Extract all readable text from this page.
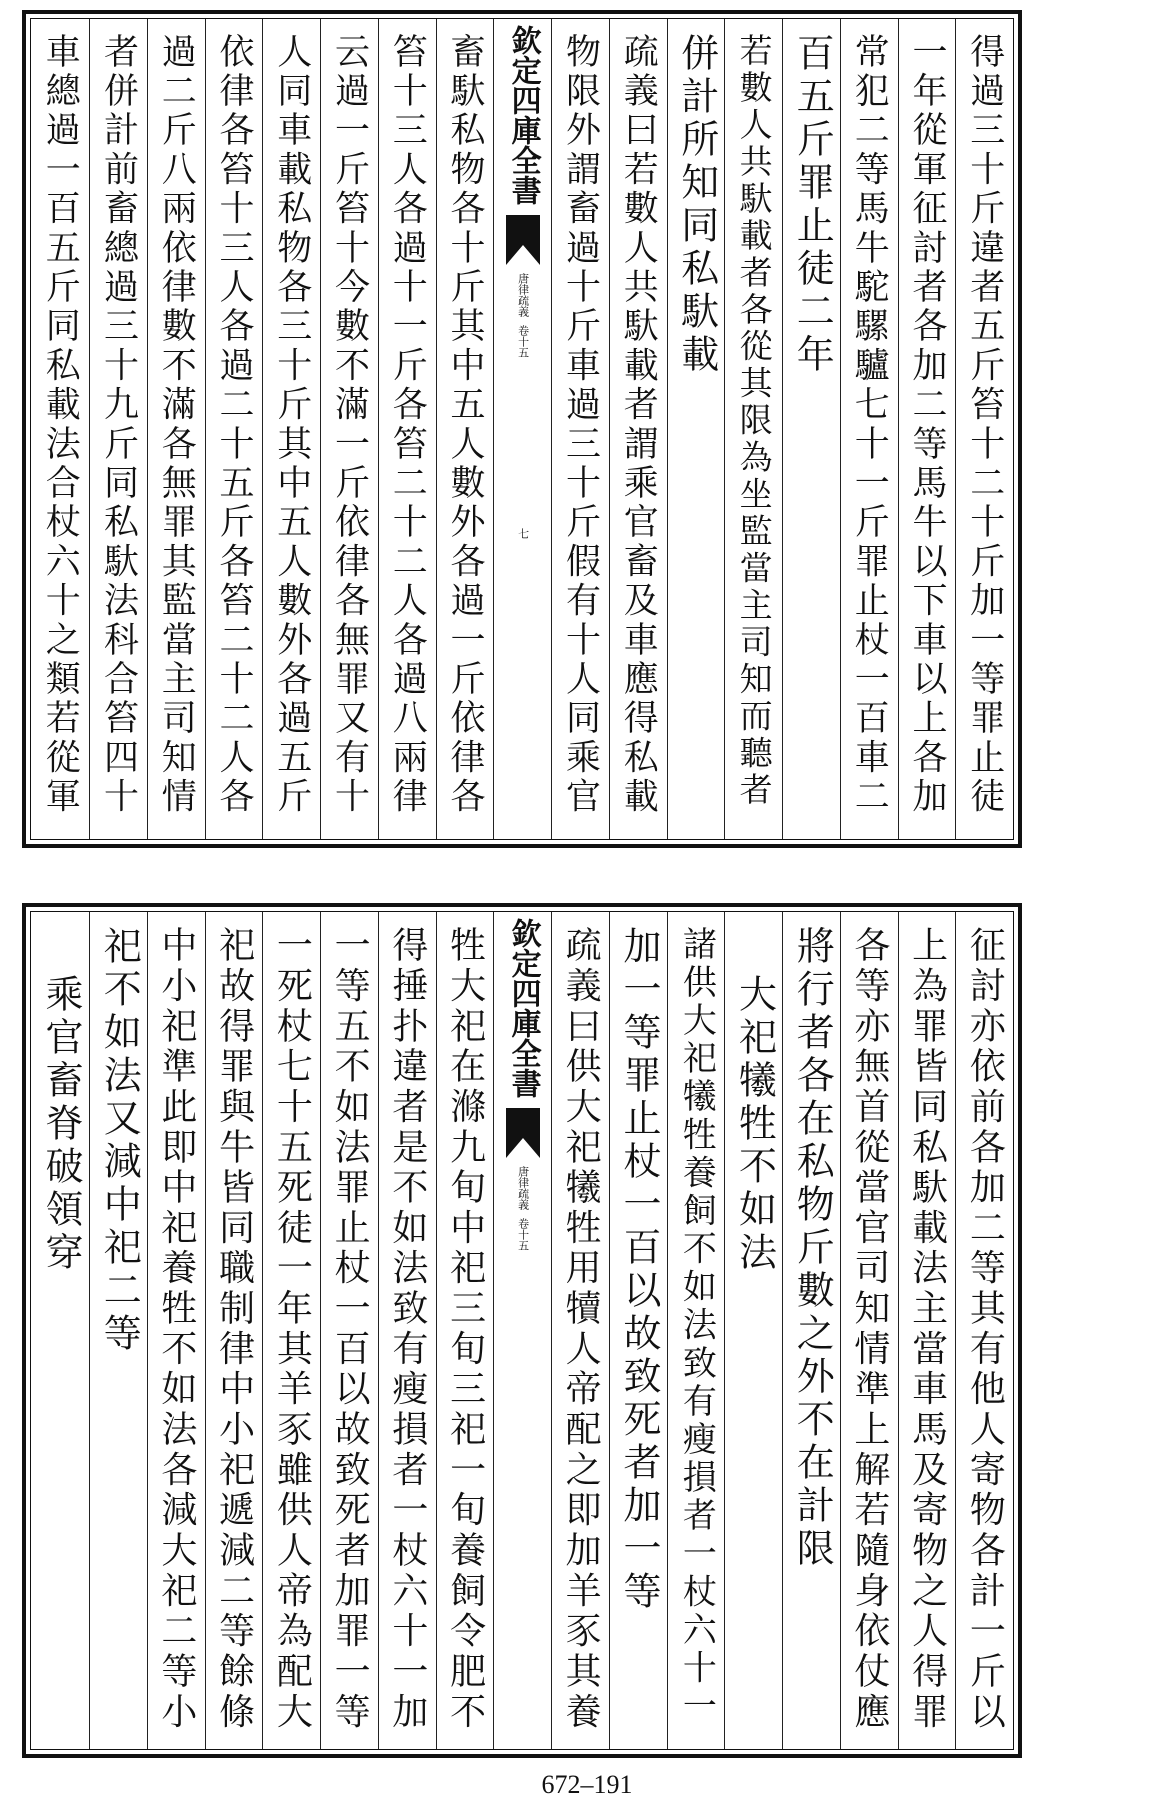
得過三十斤違者五斤笞十二十斤加一等罪止徒
一年從軍征討者各加二等馬牛以下車以上各加
常犯二等馬牛駝騾驢七十一斤罪止杖一百車二
百五斤罪止徒二年
若數人共馱載者各從其限為坐監當主司知而聽者
併計所知同私馱載
疏義曰若數人共馱載者謂乘官畜及車應得私載
物限外謂畜過十斤車過三十斤假有十人同乘官
欽定四庫全書
唐律疏義
卷十五
七
畜馱私物各十斤其中五人數外各過一斤依律各
笞十三人各過十一斤各笞二十二人各過八兩律
云過一斤笞十今數不滿一斤依律各無罪又有十
人同車載私物各三十斤其中五人數外各過五斤
依律各笞十三人各過二十五斤各笞二十二人各
過二斤八兩依律數不滿各無罪其監當主司知情
者併計前畜總過三十九斤同私馱法科合笞四十
車總過一百五斤同私載法合杖六十之類若從軍
征討亦依前各加二等其有他人寄物各計一斤以
上為罪皆同私馱載法主當車馬及寄物之人得罪
各等亦無首從當官司知情準上解若隨身依仗應
將行者各在私物斤數之外不在計限
大祀犧牲不如法
諸供大祀犧牲養飼不如法致有瘦損者一杖六十一
加一等罪止杖一百以故致死者加一等
疏義曰供大祀犧牲用犢人帝配之即加羊豕其養
欽定四庫全書
唐律疏義
卷十五
牲大祀在滌九旬中祀三旬三祀一旬養飼令肥不
得捶扑違者是不如法致有瘦損者一杖六十一加
一等五不如法罪止杖一百以故致死者加罪一等
一死杖七十五死徒一年其羊豕雖供人帝為配大
祀故得罪與牛皆同職制律中小祀遞減二等餘條
中小祀準此即中祀養牲不如法各減大祀二等小
祀不如法又減中祀二等
乘官畜脊破領穿
672–191
